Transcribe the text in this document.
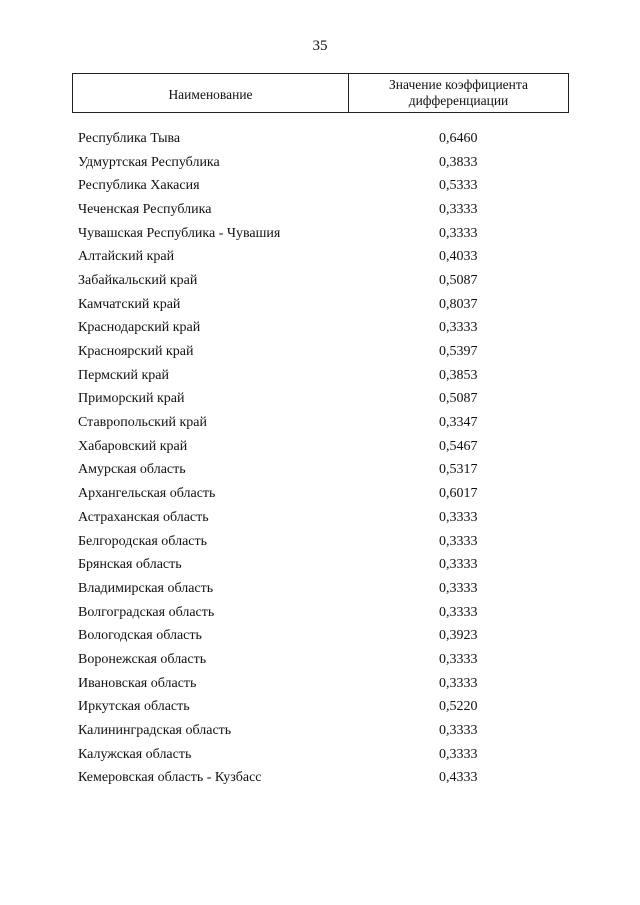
35
Наименование
Значение коэффициента
дифференциации
Республика Тыва	0,6460
Удмуртская Республика	0,3833
Республика Хакасия	0,5333
Чеченская Республика	0,3333
Чувашская Республика - Чувашия	0,3333
Алтайский край	0,4033
Забайкальский край	0,5087
Камчатский край	0,8037
Краснодарский край	0,3333
Красноярский край	0,5397
Пермский край	0,3853
Приморский край	0,5087
Ставропольский край	0,3347
Хабаровский край	0,5467
Амурская область	0,5317
Архангельская область	0,6017
Астраханская область	0,3333
Белгородская область	0,3333
Брянская область	0,3333
Владимирская область	0,3333
Волгоградская область	0,3333
Вологодская область	0,3923
Воронежская область	0,3333
Ивановская область	0,3333
Иркутская область	0,5220
Калининградская область	0,3333
Калужская область	0,3333
Кемеровская область - Кузбасс	0,4333
